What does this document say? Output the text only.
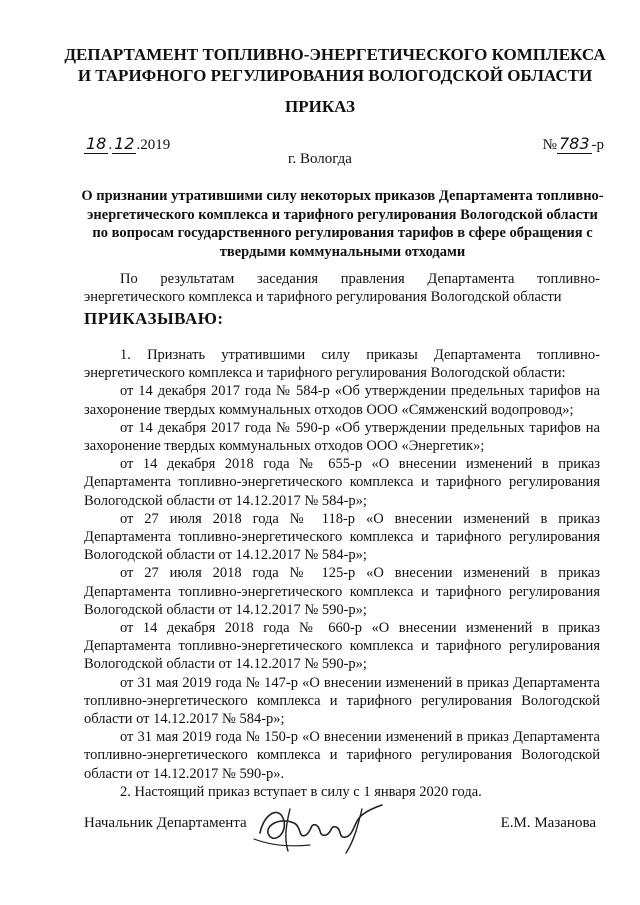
ДЕПАРТАМЕНТ ТОПЛИВНО-ЭНЕРГЕТИЧЕСКОГО КОМПЛЕКСА
И ТАРИФНОГО РЕГУЛИРОВАНИЯ ВОЛОГОДСКОЙ ОБЛАСТИ
ПРИКАЗ
18 . 12 .2019	№ 783 -р
г. Вологда
О признании утратившими силу некоторых приказов Департамента топливно-энергетического комплекса и тарифного регулирования Вологодской области по вопросам государственного регулирования тарифов в сфере обращения с твердыми коммунальными отходами

По результатам заседания правления Департамента топливно-энергетического комплекса и тарифного регулирования Вологодской области

ПРИКАЗЫВАЮ:

1. Признать утратившими силу приказы Департамента топливно-энергетического комплекса и тарифного регулирования Вологодской области:

от 14 декабря 2017 года № 584-р «Об утверждении предельных тарифов на захоронение твердых коммунальных отходов ООО «Сямженский водопровод»;

от 14 декабря 2017 года № 590-р «Об утверждении предельных тарифов на захоронение твердых коммунальных отходов ООО «Энергетик»;

от 14 декабря 2018 года № 655-р «О внесении изменений в приказ Департамента топливно-энергетического комплекса и тарифного регулирования Вологодской области от 14.12.2017 № 584-р»;

от 27 июля 2018 года № 118-р «О внесении изменений в приказ Департамента топливно-энергетического комплекса и тарифного регулирования Вологодской области от 14.12.2017 № 584-р»;

от 27 июля 2018 года № 125-р «О внесении изменений в приказ Департамента топливно-энергетического комплекса и тарифного регулирования Вологодской области от 14.12.2017 № 590-р»;

от 14 декабря 2018 года № 660-р «О внесении изменений в приказ Департамента топливно-энергетического комплекса и тарифного регулирования Вологодской области от 14.12.2017 № 590-р»;

от 31 мая 2019 года № 147-р «О внесении изменений в приказ Департамента топливно-энергетического комплекса и тарифного регулирования Вологодской области от 14.12.2017 № 584-р»;

от 31 мая 2019 года № 150-р «О внесении изменений в приказ Департамента топливно-энергетического комплекса и тарифного регулирования Вологодской области от 14.12.2017 № 590-р».

2. Настоящий приказ вступает в силу с 1 января 2020 года.

Начальник Департамента	Е.М. Мазанова
